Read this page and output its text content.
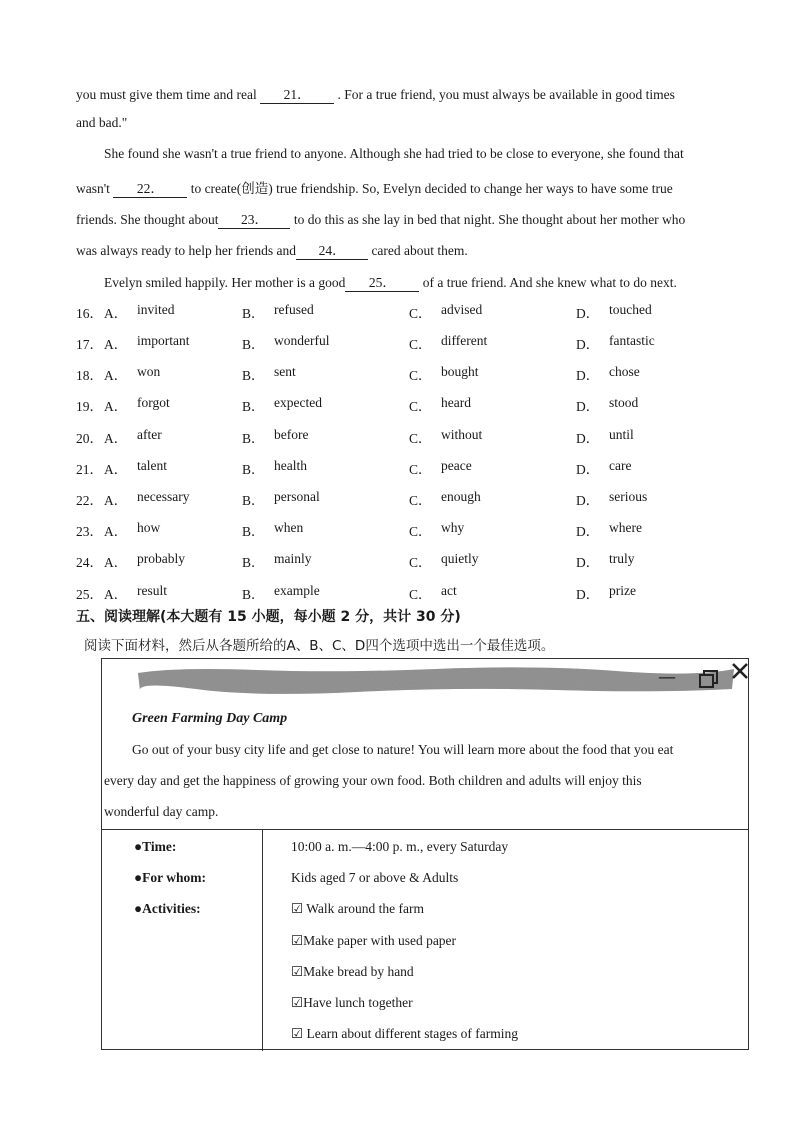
you must give them time and real 21． . For a true friend, you must always be available in good times
and bad."
She found she wasn't a true friend to anyone. Although she had tried to be close to everyone, she found that
wasn't 22． to create(创造) true friendship. So, Evelyn decided to change her ways to have some true
friends. She thought about 23． to do this as she lay in bed that night. She thought about her mother who
was always ready to help her friends and 24． cared about them.
Evelyn smiled happily. Her mother is a good 25． of a true friend. And she knew what to do next.
16． A． invited	B． refused	C． advised	D． touched
17． A． important	B． wonderful	C． different	D． fantastic
18． A． won	B． sent	C． bought	D． chose
19． A． forgot	B． expected	C． heard	D． stood
20． A． after	B． before	C． without	D． until
21． A． talent	B． health	C． peace	D． care
22． A． necessary	B． personal	C． enough	D． serious
23． A． how	B． when	C． why	D． where
24． A． probably	B． mainly	C． quietly	D． truly
25． A． result	B． example	C． act	D． prize
五、阅读理解(本大题有 15 小题，每小题 2 分，共计 30 分)
阅读下面材料，然后从各题所给的A、B、C、D四个选项中选出一个最佳选项。
—
Green Farming Day Camp
Go out of your busy city life and get close to nature! You will learn more about the food that you eat
every day and get the happiness of growing your own food. Both children and adults will enjoy this
wonderful day camp.
●Time:	10:00 a. m.—4:00 p. m., every Saturday
●For whom:	Kids aged 7 or above & Adults
●Activities:	☑ Walk around the farm
☑Make paper with used paper
☑Make bread by hand
☑Have lunch together
☑ Learn about different stages of farming
